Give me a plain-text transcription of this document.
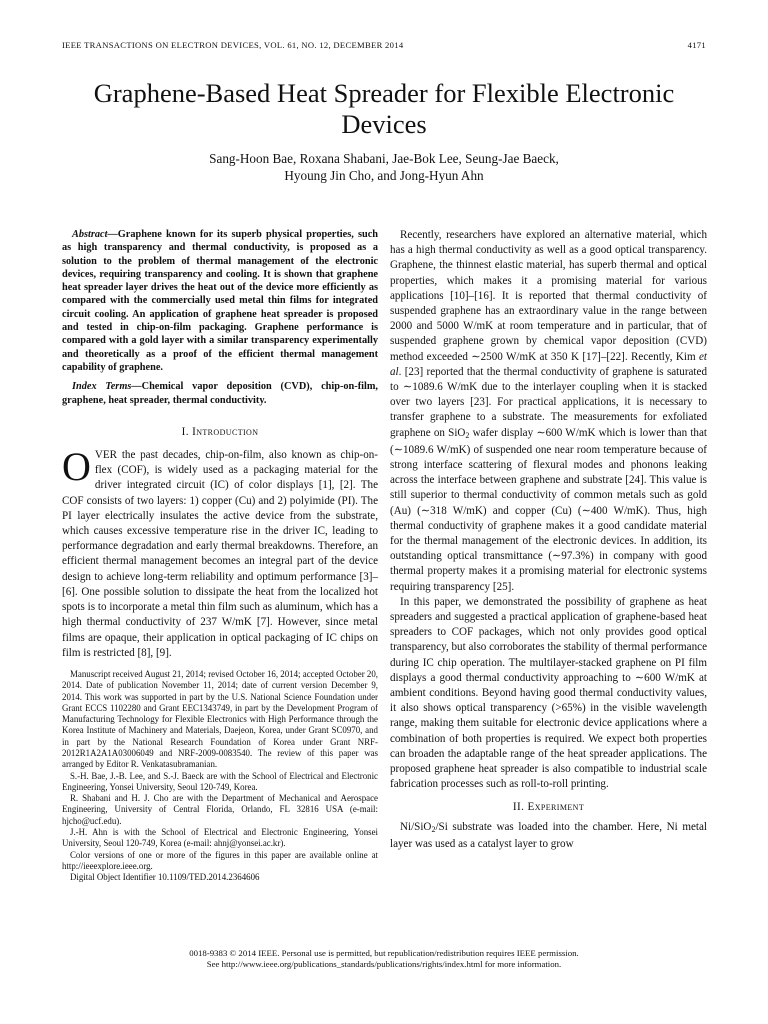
IEEE TRANSACTIONS ON ELECTRON DEVICES, VOL. 61, NO. 12, DECEMBER 2014	4171
Graphene-Based Heat Spreader for Flexible Electronic Devices
Sang-Hoon Bae, Roxana Shabani, Jae-Bok Lee, Seung-Jae Baeck,
Hyoung Jin Cho, and Jong-Hyun Ahn

Abstract—Graphene known for its superb physical properties, such as high transparency and thermal conductivity, is proposed as a solution to the problem of thermal management of the electronic devices, requiring transparency and cooling. It is shown that graphene heat spreader layer drives the heat out of the device more efficiently as compared with the commercially used metal thin films for integrated circuit cooling. An application of graphene heat spreader is proposed and tested in chip-on-film packaging. Graphene performance is compared with a gold layer with a similar transparency experimentally and theoretically as a proof of the efficient thermal management capability of graphene.

Index Terms—Chemical vapor deposition (CVD), chip-on-film, graphene, heat spreader, thermal conductivity.

I. Introduction

OVER the past decades, chip-on-film, also known as chip-on-flex (COF), is widely used as a packaging material for the driver integrated circuit (IC) of color displays [1], [2]. The COF consists of two layers: 1) copper (Cu) and 2) polyimide (PI). The PI layer electrically insulates the active device from the substrate, which causes excessive temperature rise in the driver IC, leading to performance degradation and early thermal breakdowns. Therefore, an efficient thermal management becomes an integral part of the device design to achieve long-term reliability and optimum performance [3]–[6]. One possible solution to dissipate the heat from the localized hot spots is to incorporate a metal thin film such as aluminum, which has a high thermal conductivity of 237 W/mK [7]. However, since metal films are opaque, their application in optical packaging of IC chips on film is restricted [8], [9].

Manuscript received August 21, 2014; revised October 16, 2014; accepted October 20, 2014. Date of publication November 11, 2014; date of current version December 9, 2014. This work was supported in part by the U.S. National Science Foundation under Grant ECCS 1102280 and Grant EEC1343749, in part by the Development Program of Manufacturing Technology for Flexible Electronics with High Performance through the Korea Institute of Machinery and Materials, Daejeon, Korea, under Grant SC0970, and in part by the National Research Foundation of Korea under Grant NRF-2012R1A2A1A03006049 and NRF-2009-0083540. The review of this paper was arranged by Editor R. Venkatasubramanian.

S.-H. Bae, J.-B. Lee, and S.-J. Baeck are with the School of Electrical and Electronic Engineering, Yonsei University, Seoul 120-749, Korea.

R. Shabani and H. J. Cho are with the Department of Mechanical and Aerospace Engineering, University of Central Florida, Orlando, FL 32816 USA (e-mail: hjcho@ucf.edu).

J.-H. Ahn is with the School of Electrical and Electronic Engineering, Yonsei University, Seoul 120-749, Korea (e-mail: ahnj@yonsei.ac.kr).

Color versions of one or more of the figures in this paper are available online at http://ieeexplore.ieee.org.

Digital Object Identifier 10.1109/TED.2014.2364606

Recently, researchers have explored an alternative material, which has a high thermal conductivity as well as a good optical transparency. Graphene, the thinnest elastic material, has superb thermal and optical properties, which makes it a promising material for various applications [10]–[16]. It is reported that thermal conductivity of suspended graphene has an extraordinary value in the range between 2000 and 5000 W/mK at room temperature and in particular, that of suspended graphene grown by chemical vapor deposition (CVD) method exceeded ∼2500 W/mK at 350 K [17]–[22]. Recently, Kim et al. [23] reported that the thermal conductivity of graphene is saturated to ∼1089.6 W/mK due to the interlayer coupling when it is stacked over two layers [23]. For practical applications, it is necessary to transfer graphene to a substrate. The measurements for exfoliated graphene on SiO$_2$ wafer display ∼600 W/mK which is lower than that (∼1089.6 W/mK) of suspended one near room temperature because of strong interface scattering of flexural modes and phonons leaking across the interface between graphene and substrate [24]. This value is still superior to thermal conductivity of common metals such as gold (Au) (∼318 W/mK) and copper (Cu) (∼400 W/mK). Thus, high thermal conductivity of graphene makes it a good candidate material for the thermal management of the electronic devices. In addition, its outstanding optical transmittance (∼97.3%) in company with good thermal property makes it a promising material for electronic systems requiring transparency [25].

In this paper, we demonstrated the possibility of graphene as heat spreaders and suggested a practical application of graphene-based heat spreaders to COF packages, which not only provides good optical transparency, but also corroborates the stability of thermal performance during IC chip operation. The multilayer-stacked graphene on PI film displays a good thermal conductivity approaching to ∼600 W/mK at ambient conditions. Beyond having good thermal conductivity values, it also shows optical transparency (>65%) in the visible wavelength range, making them suitable for electronic device applications where a combination of both properties is required. We expect both properties can broaden the adaptable range of the heat spreader applications. The proposed graphene heat spreader is also compatible to industrial scale fabrication processes such as roll-to-roll printing.

II. Experiment

Ni/SiO$_2$/Si substrate was loaded into the chamber. Here, Ni metal layer was used as a catalyst layer to grow

0018-9383 © 2014 IEEE. Personal use is permitted, but republication/redistribution requires IEEE permission.
See http://www.ieee.org/publications_standards/publications/rights/index.html for more information.
